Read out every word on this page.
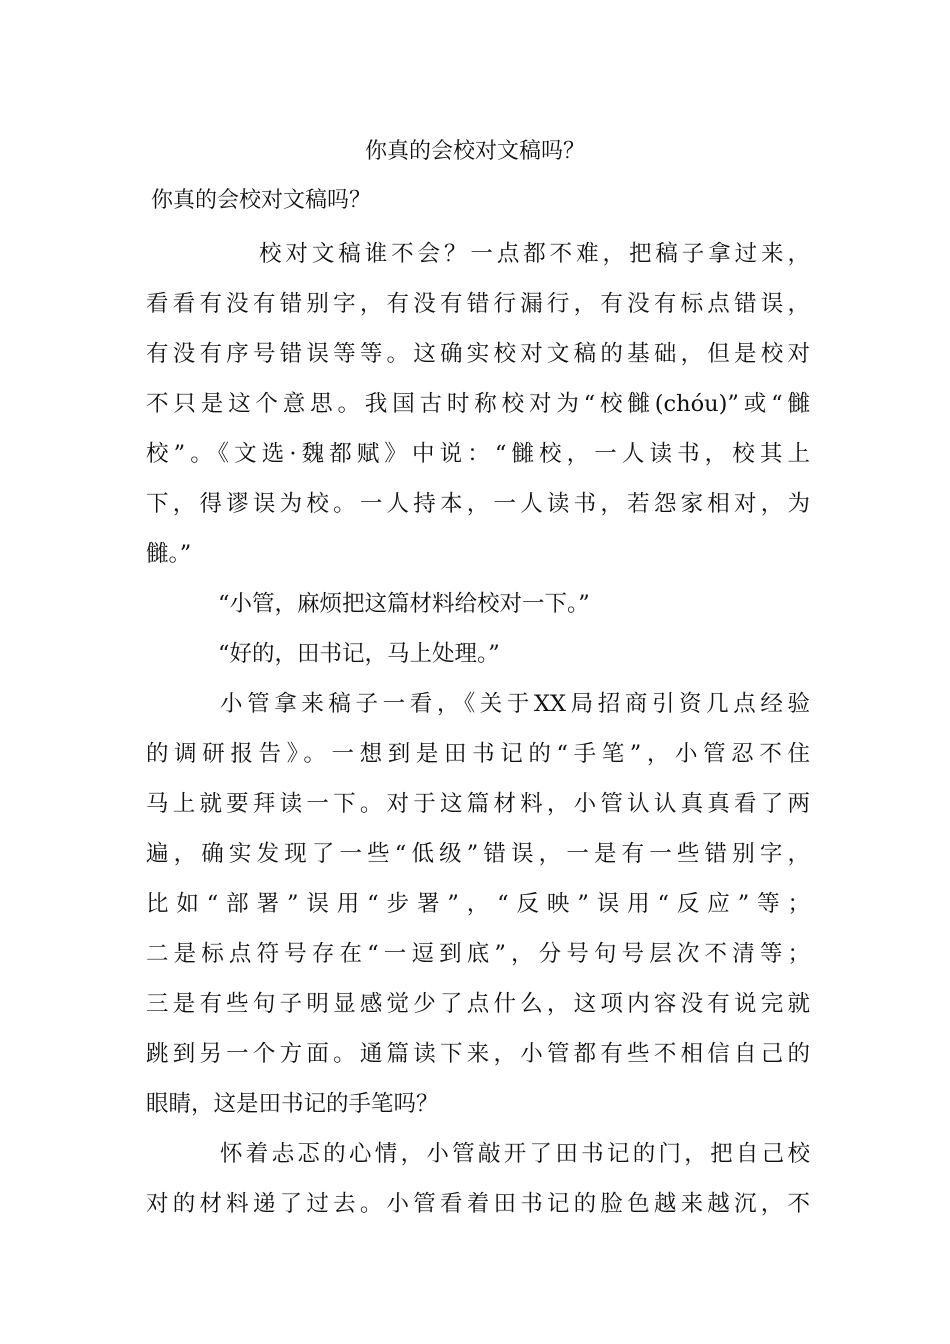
你真的会校对文稿吗？
你真的会校对文稿吗？
校对文稿谁不会？一点都不难，把稿子拿过来，
看看有没有错别字，有没有错行漏行，有没有标点错误，
有没有序号错误等等。这确实校对文稿的基础，但是校对
不只是这个意思。我国古时称校对为“校雠(chóu)”或“雠
校”。《文选·魏都赋》中说：“雠校，一人读书，校其上
下，得谬误为校。一人持本，一人读书，若怨家相对，为
雠。”
“小管，麻烦把这篇材料给校对一下。”
“好的，田书记，马上处理。”
小管拿来稿子一看，《关于XX局招商引资几点经验
的调研报告》。一想到是田书记的“手笔”，小管忍不住
马上就要拜读一下。对于这篇材料，小管认认真真看了两
遍，确实发现了一些“低级”错误，一是有一些错别字，
比如“部署”误用“步署”，“反映”误用“反应”等；
二是标点符号存在“一逗到底”，分号句号层次不清等；
三是有些句子明显感觉少了点什么，这项内容没有说完就
跳到另一个方面。通篇读下来，小管都有些不相信自己的
眼睛，这是田书记的手笔吗？
怀着忐忑的心情，小管敲开了田书记的门，把自己校
对的材料递了过去。小管看着田书记的脸色越来越沉，不
